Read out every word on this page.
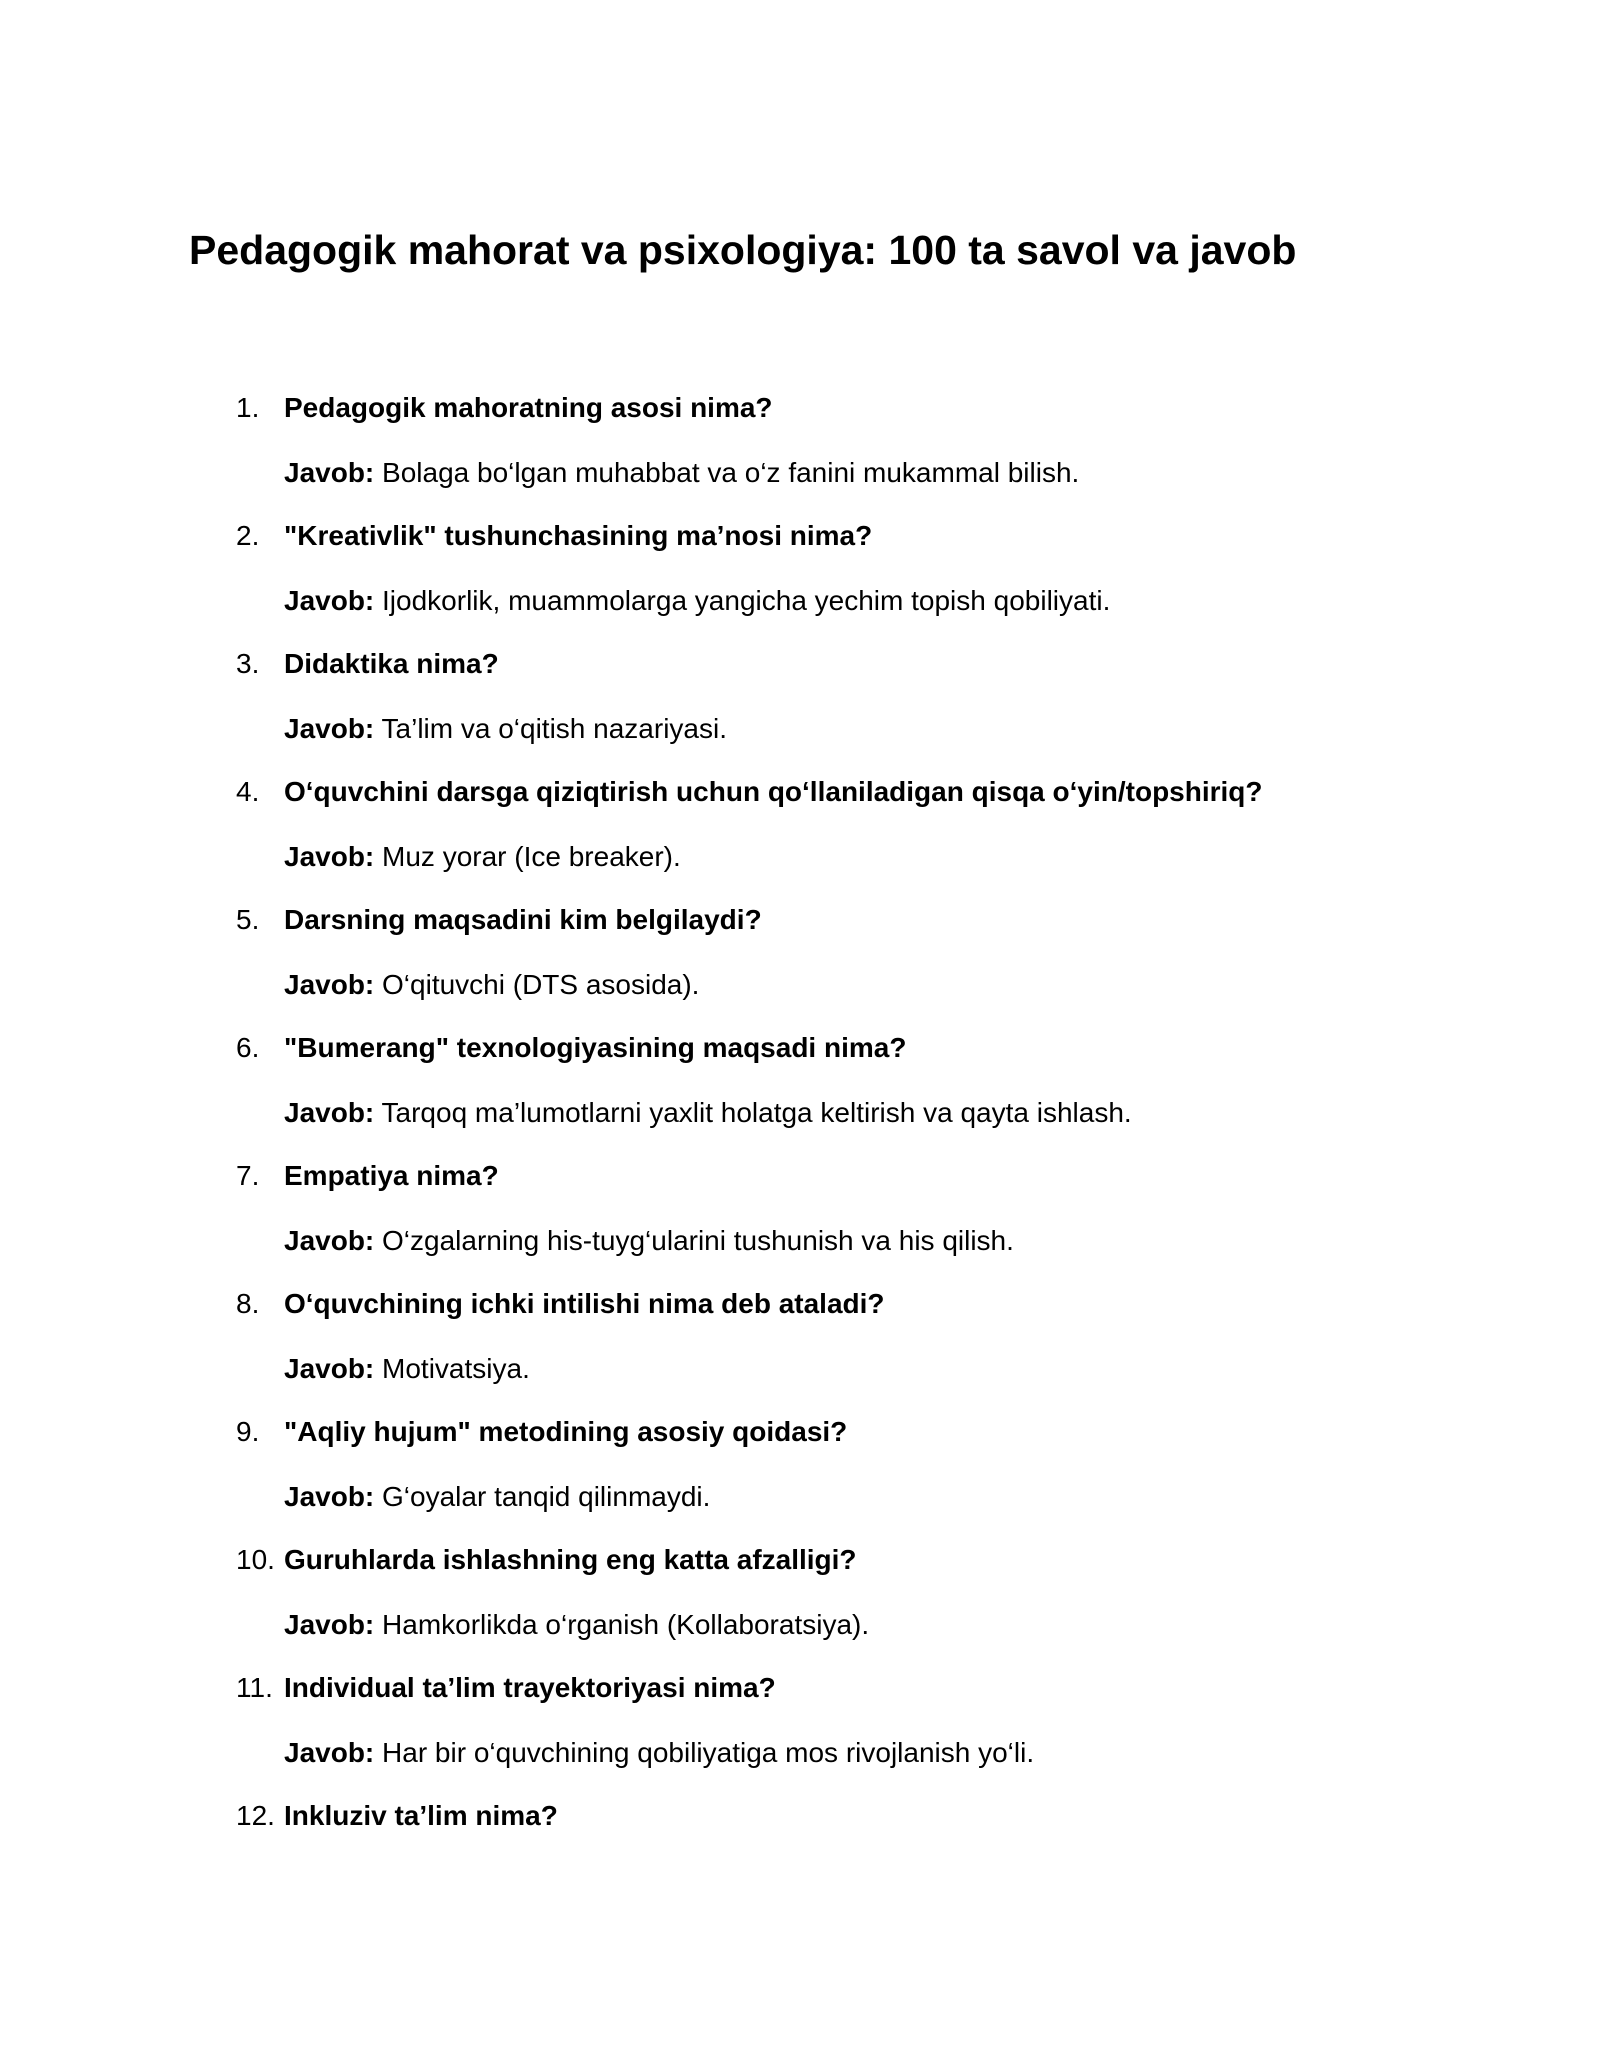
Pedagogik mahorat va psixologiya: 100 ta savol va javob
1. Pedagogik mahoratning asosi nima?
Javob: Bolaga bo‘lgan muhabbat va o‘z fanini mukammal bilish.
2. "Kreativlik" tushunchasining ma’nosi nima?
Javob: Ijodkorlik, muammolarga yangicha yechim topish qobiliyati.
3. Didaktika nima?
Javob: Ta’lim va o‘qitish nazariyasi.
4. O‘quvchini darsga qiziqtirish uchun qo‘llaniladigan qisqa o‘yin/topshiriq?
Javob: Muz yorar (Ice breaker).
5. Darsning maqsadini kim belgilaydi?
Javob: O‘qituvchi (DTS asosida).
6. "Bumerang" texnologiyasining maqsadi nima?
Javob: Tarqoq ma’lumotlarni yaxlit holatga keltirish va qayta ishlash.
7. Empatiya nima?
Javob: O‘zgalarning his-tuyg‘ularini tushunish va his qilish.
8. O‘quvchining ichki intilishi nima deb ataladi?
Javob: Motivatsiya.
9. "Aqliy hujum" metodining asosiy qoidasi?
Javob: G‘oyalar tanqid qilinmaydi.
10. Guruhlarda ishlashning eng katta afzalligi?
Javob: Hamkorlikda o‘rganish (Kollaboratsiya).
11. Individual ta’lim trayektoriyasi nima?
Javob: Har bir o‘quvchining qobiliyatiga mos rivojlanish yo‘li.
12. Inkluziv ta’lim nima?
